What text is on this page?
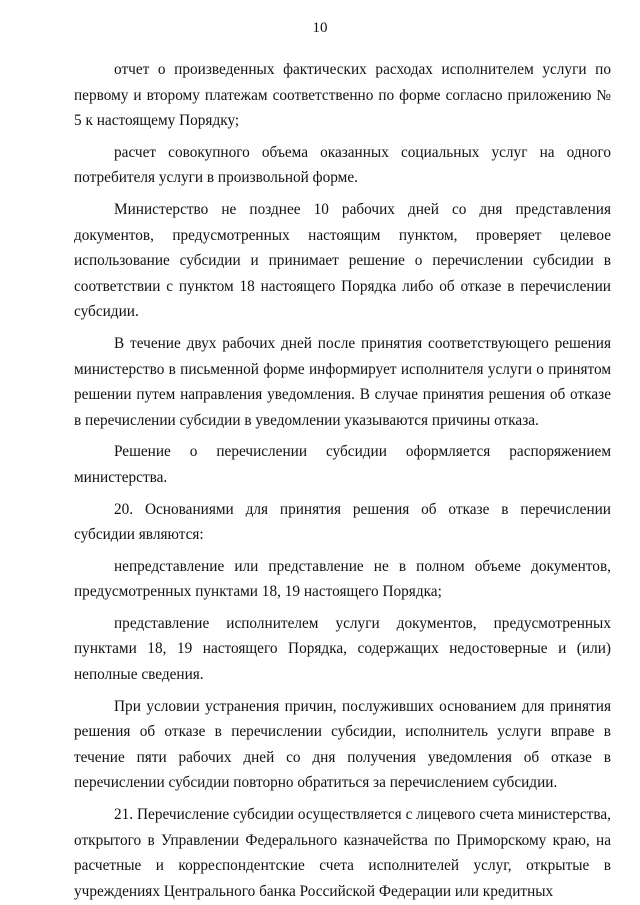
10

отчет о произведенных фактических расходах исполнителем услуги по первому и второму платежам соответственно по форме согласно приложению № 5 к настоящему Порядку;

расчет совокупного объема оказанных социальных услуг на одного потребителя услуги в произвольной форме.

Министерство не позднее 10 рабочих дней со дня представления документов, предусмотренных настоящим пунктом, проверяет целевое использование субсидии и принимает решение о перечислении субсидии в соответствии с пунктом 18 настоящего Порядка либо об отказе в перечислении субсидии.

В течение двух рабочих дней после принятия соответствующего решения министерство в письменной форме информирует исполнителя услуги о принятом решении путем направления уведомления. В случае принятия решения об отказе в перечислении субсидии в уведомлении указываются причины отказа.

Решение о перечислении субсидии оформляется распоряжением министерства.

20. Основаниями для принятия решения об отказе в перечислении субсидии являются:

непредставление или представление не в полном объеме документов, предусмотренных пунктами 18, 19 настоящего Порядка;

представление исполнителем услуги документов, предусмотренных пунктами 18, 19 настоящего Порядка, содержащих недостоверные и (или) неполные сведения.

При условии устранения причин, послуживших основанием для принятия решения об отказе в перечислении субсидии, исполнитель услуги вправе в течение пяти рабочих дней со дня получения уведомления об отказе в перечислении субсидии повторно обратиться за перечислением субсидии.

21. Перечисление субсидии осуществляется с лицевого счета министерства, открытого в Управлении Федерального казначейства по Приморскому краю, на расчетные и корреспондентские счета исполнителей услуг, открытые в учреждениях Центрального банка Российской Федерации или кредитных
